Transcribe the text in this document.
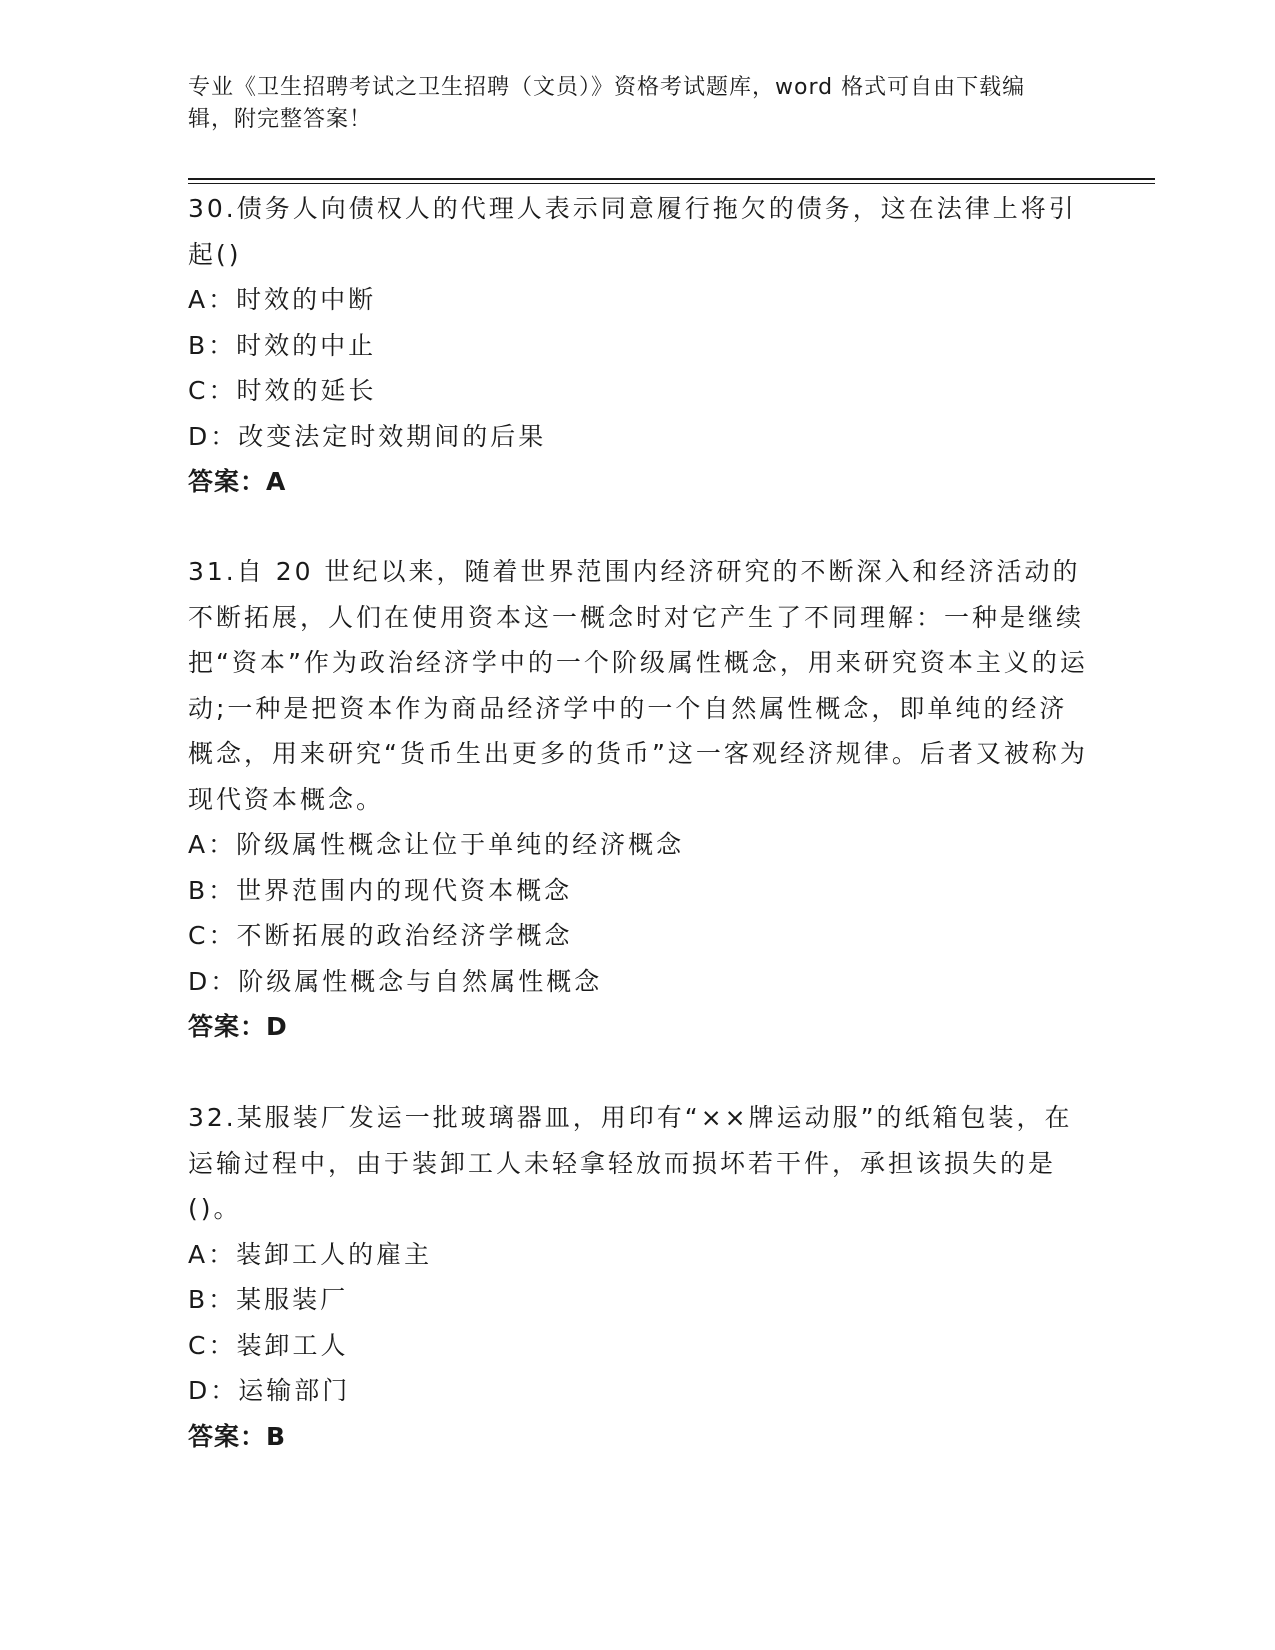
专业《卫生招聘考试之卫生招聘（文员）》资格考试题库，word 格式可自由下载编辑，附完整答案！
30.债务人向债权人的代理人表示同意履行拖欠的债务，这在法律上将引起()
A：时效的中断
B：时效的中止
C：时效的延长
D：改变法定时效期间的后果
答案：A
31.自 20 世纪以来，随着世界范围内经济研究的不断深入和经济活动的不断拓展，人们在使用资本这一概念时对它产生了不同理解：一种是继续把“资本”作为政治经济学中的一个阶级属性概念，用来研究资本主义的运动;一种是把资本作为商品经济学中的一个自然属性概念，即单纯的经济概念，用来研究“货币生出更多的货币”这一客观经济规律。后者又被称为现代资本概念。
A：阶级属性概念让位于单纯的经济概念
B：世界范围内的现代资本概念
C：不断拓展的政治经济学概念
D：阶级属性概念与自然属性概念
答案：D
32.某服装厂发运一批玻璃器皿，用印有“××牌运动服”的纸箱包装，在运输过程中，由于装卸工人未轻拿轻放而损坏若干件，承担该损失的是()。
A：装卸工人的雇主
B：某服装厂
C：装卸工人
D：运输部门
答案：B
